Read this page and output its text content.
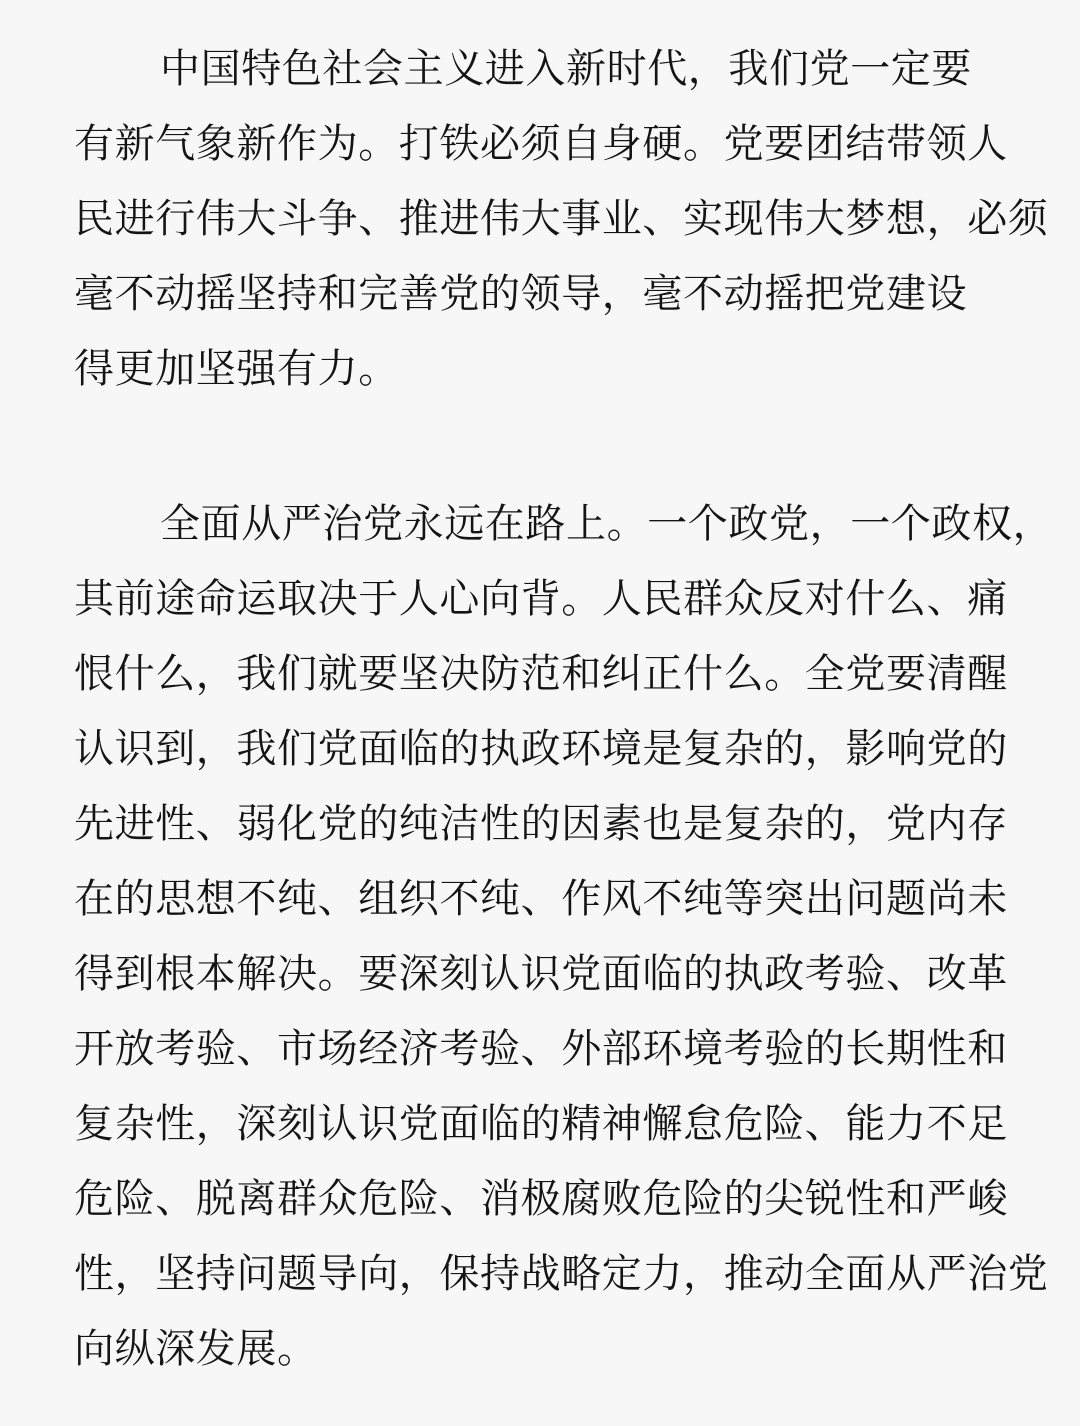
中国特色社会主义进入新时代，我们党一定要
有新气象新作为。打铁必须自身硬。党要团结带领人
民进行伟大斗争、推进伟大事业、实现伟大梦想，必须
毫不动摇坚持和完善党的领导，毫不动摇把党建设
得更加坚强有力。
全面从严治党永远在路上。一个政党，一个政权，
其前途命运取决于人心向背。人民群众反对什么、痛
恨什么，我们就要坚决防范和纠正什么。全党要清醒
认识到，我们党面临的执政环境是复杂的，影响党的
先进性、弱化党的纯洁性的因素也是复杂的，党内存
在的思想不纯、组织不纯、作风不纯等突出问题尚未
得到根本解决。要深刻认识党面临的执政考验、改革
开放考验、市场经济考验、外部环境考验的长期性和
复杂性，深刻认识党面临的精神懈怠危险、能力不足
危险、脱离群众危险、消极腐败危险的尖锐性和严峻
性，坚持问题导向，保持战略定力，推动全面从严治党
向纵深发展。
